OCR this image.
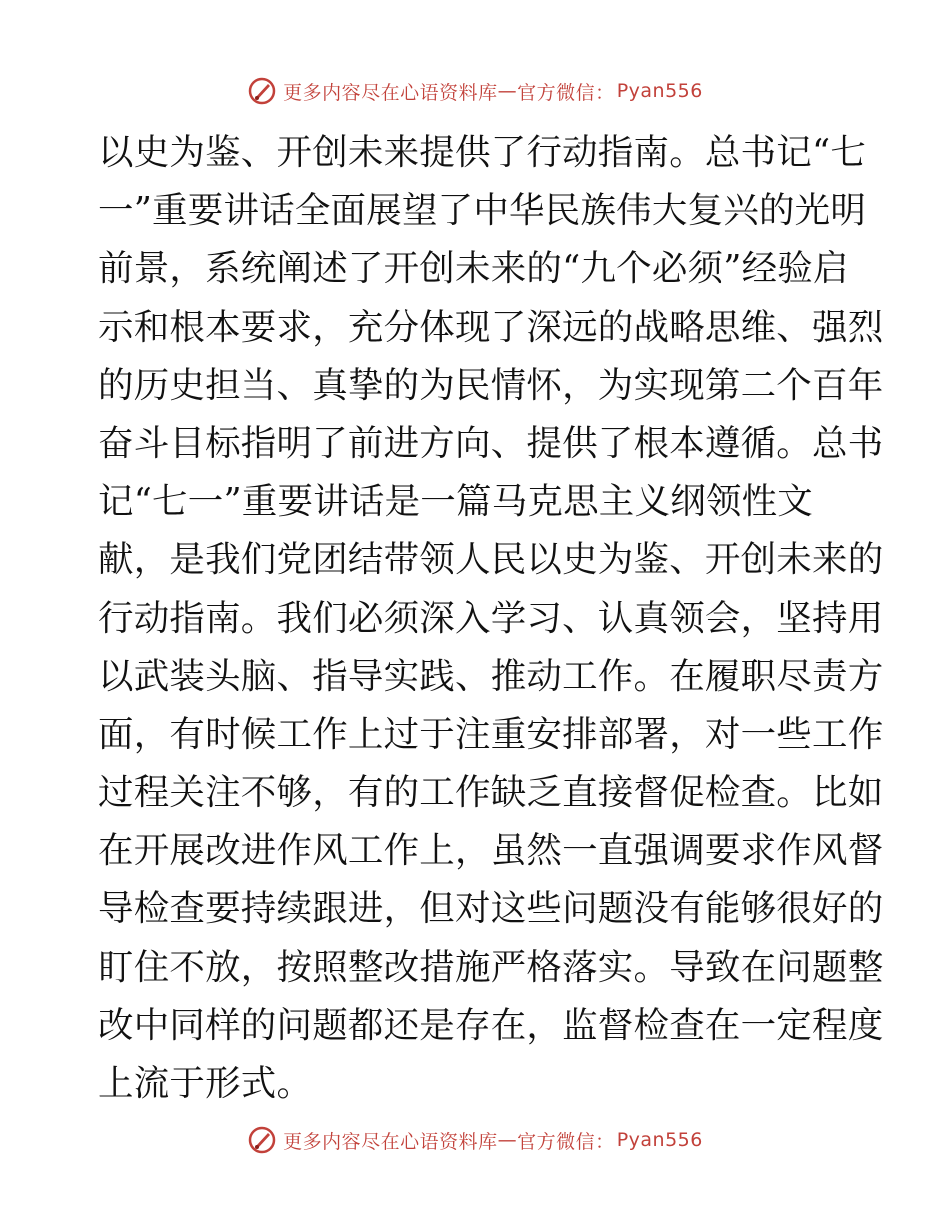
更多内容尽在心语资料库 — 官方微信： Pyan556
以史为鉴、开创未来提供了行动指南。总书记“七
一”重要讲话全面展望了中华民族伟大复兴的光明
前景，系统阐述了开创未来的“九个必须”经验启
示和根本要求，充分体现了深远的战略思维、强烈
的历史担当、真挚的为民情怀，为实现第二个百年
奋斗目标指明了前进方向、提供了根本遵循。总书
记“七一”重要讲话是一篇马克思主义纲领性文
献，是我们党团结带领人民以史为鉴、开创未来的
行动指南。我们必须深入学习、认真领会，坚持用
以武装头脑、指导实践、推动工作。在履职尽责方
面，有时候工作上过于注重安排部署，对一些工作
过程关注不够，有的工作缺乏直接督促检查。比如
在开展改进作风工作上，虽然一直强调要求作风督
导检查要持续跟进，但对这些问题没有能够很好的
盯住不放，按照整改措施严格落实。导致在问题整
改中同样的问题都还是存在，监督检查在一定程度
上流于形式。
更多内容尽在心语资料库 — 官方微信： Pyan556
